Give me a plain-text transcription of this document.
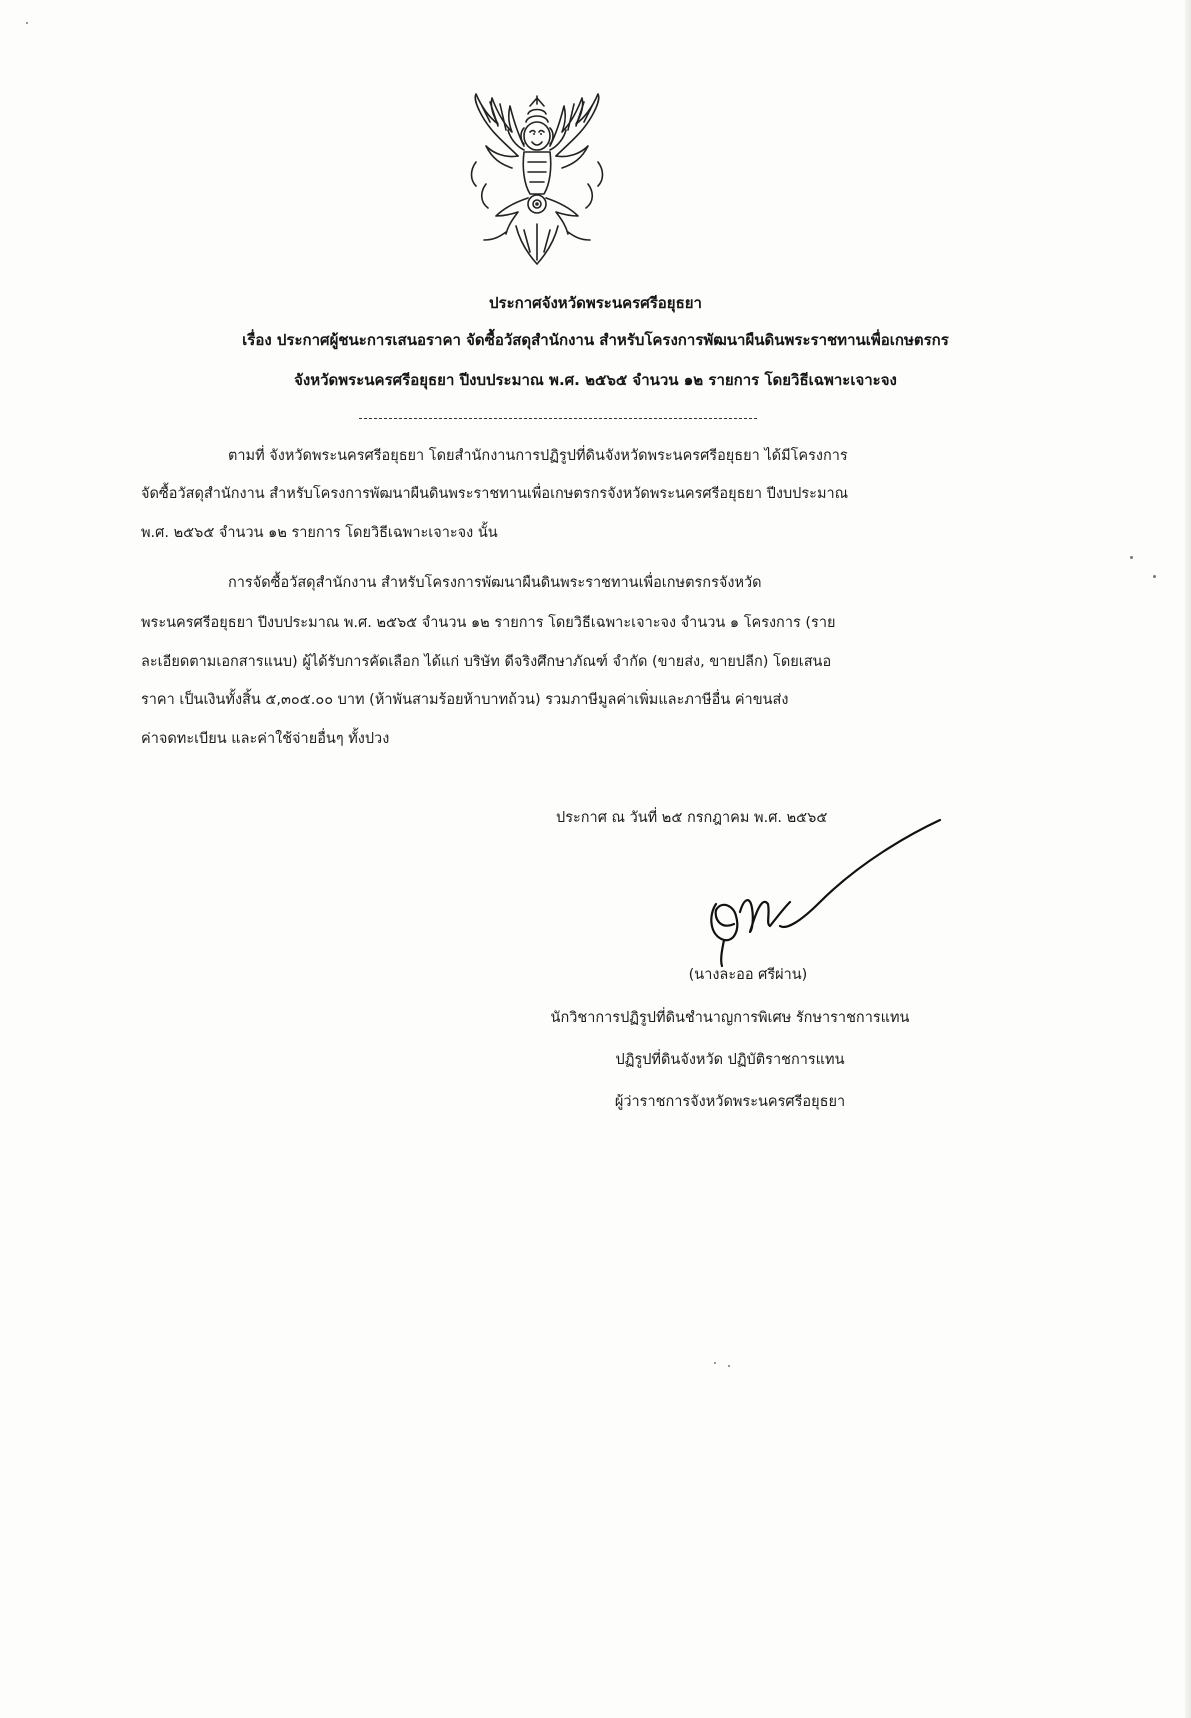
ประกาศจังหวัดพระนครศรีอยุธยา
เรื่อง ประกาศผู้ชนะการเสนอราคา จัดซื้อวัสดุสำนักงาน สำหรับโครงการพัฒนาผืนดินพระราชทานเพื่อเกษตรกร
จังหวัดพระนครศรีอยุธยา ปีงบประมาณ พ.ศ. ๒๕๖๕ จำนวน ๑๒ รายการ โดยวิธีเฉพาะเจาะจง
ตามที่ จังหวัดพระนครศรีอยุธยา โดยสำนักงานการปฏิรูปที่ดินจังหวัดพระนครศรีอยุธยา ได้มีโครงการ
จัดซื้อวัสดุสำนักงาน สำหรับโครงการพัฒนาผืนดินพระราชทานเพื่อเกษตรกรจังหวัดพระนครศรีอยุธยา ปีงบประมาณ
พ.ศ. ๒๕๖๕ จำนวน ๑๒ รายการ โดยวิธีเฉพาะเจาะจง นั้น
การจัดซื้อวัสดุสำนักงาน สำหรับโครงการพัฒนาผืนดินพระราชทานเพื่อเกษตรกรจังหวัด
พระนครศรีอยุธยา ปีงบประมาณ พ.ศ. ๒๕๖๕ จำนวน ๑๒ รายการ โดยวิธีเฉพาะเจาะจง จำนวน ๑ โครงการ (ราย
ละเอียดตามเอกสารแนบ) ผู้ได้รับการคัดเลือก ได้แก่ บริษัท ดีจริงศึกษาภัณฑ์ จำกัด (ขายส่ง, ขายปลีก) โดยเสนอ
ราคา เป็นเงินทั้งสิ้น ๕,๓๐๕.๐๐ บาท (ห้าพันสามร้อยห้าบาทถ้วน) รวมภาษีมูลค่าเพิ่มและภาษีอื่น ค่าขนส่ง
ค่าจดทะเบียน และค่าใช้จ่ายอื่นๆ ทั้งปวง
ประกาศ ณ วันที่ ๒๕ กรกฎาคม พ.ศ. ๒๕๖๕
(นางละออ ศรีผ่าน)
นักวิชาการปฏิรูปที่ดินชำนาญการพิเศษ รักษาราชการแทน
ปฏิรูปที่ดินจังหวัด ปฏิบัติราชการแทน
ผู้ว่าราชการจังหวัดพระนครศรีอยุธยา
